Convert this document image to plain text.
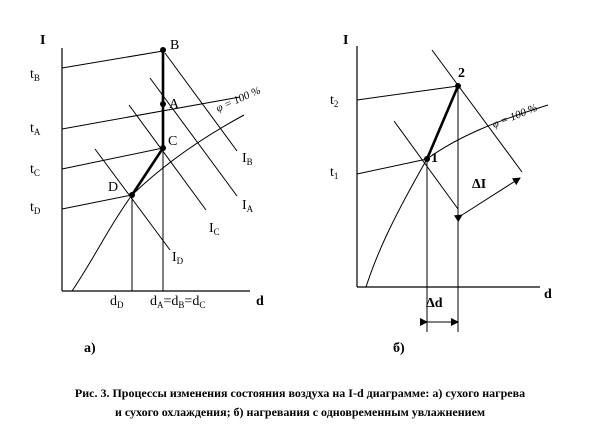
I
d
φ = 100 %
B
A
C
D
$t_B$
$t_A$
$t_C$
$t_D$
$I_B$
$I_A$
$I_C$
$I_D$
$d_D$ $d_A=d_B=d_C$
а)
I
d
φ = 100 %
1
2
$t_2$
$t_1$
ΔI
Δd
б)
Рис. 3. Процессы изменения состояния воздуха на I-d диаграмме: а) сухого нагрева
и сухого охлаждения; б) нагревания с одновременным увлажнением
